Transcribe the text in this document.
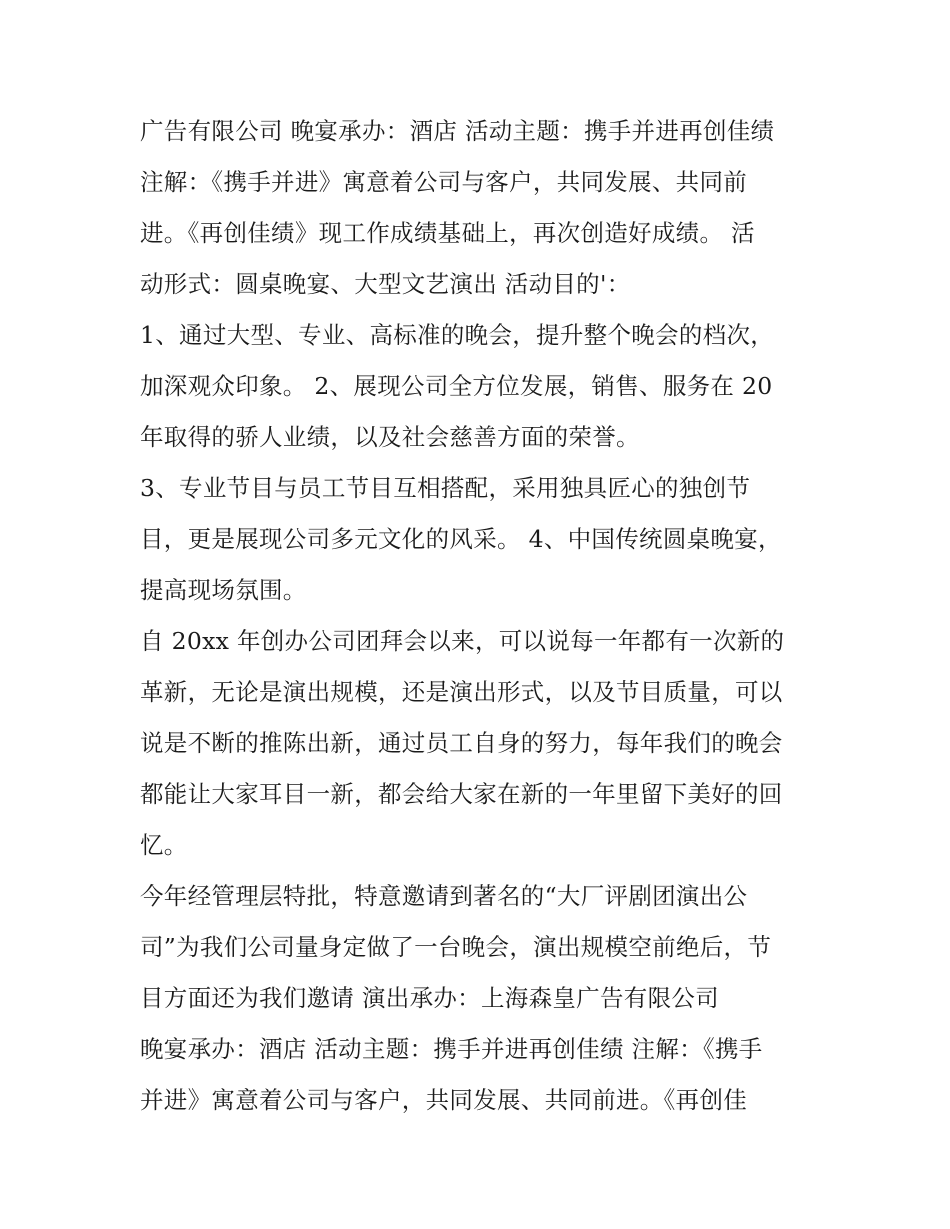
广告有限公司 晚宴承办：酒店 活动主题：携手并进再创佳绩
注解：《携手并进》寓意着公司与客户，共同发展、共同前
进。《再创佳绩》现工作成绩基础上，再次创造好成绩。 活
动形式：圆桌晚宴、大型文艺演出 活动目的'：
1、通过大型、专业、高标准的晚会，提升整个晚会的档次，
加深观众印象。 2、展现公司全方位发展，销售、服务在 20
年取得的骄人业绩，以及社会慈善方面的荣誉。
3、专业节目与员工节目互相搭配，采用独具匠心的独创节
目，更是展现公司多元文化的风采。 4、中国传统圆桌晚宴，
提高现场氛围。
自 20xx 年创办公司团拜会以来，可以说每一年都有一次新的
革新，无论是演出规模，还是演出形式，以及节目质量，可以
说是不断的推陈出新，通过员工自身的努力，每年我们的晚会
都能让大家耳目一新，都会给大家在新的一年里留下美好的回
忆。
今年经管理层特批，特意邀请到著名的“大厂评剧团演出公
司”为我们公司量身定做了一台晚会，演出规模空前绝后，节
目方面还为我们邀请 演出承办：上海森皇广告有限公司
晚宴承办：酒店 活动主题：携手并进再创佳绩 注解：《携手
并进》寓意着公司与客户，共同发展、共同前进。《再创佳
